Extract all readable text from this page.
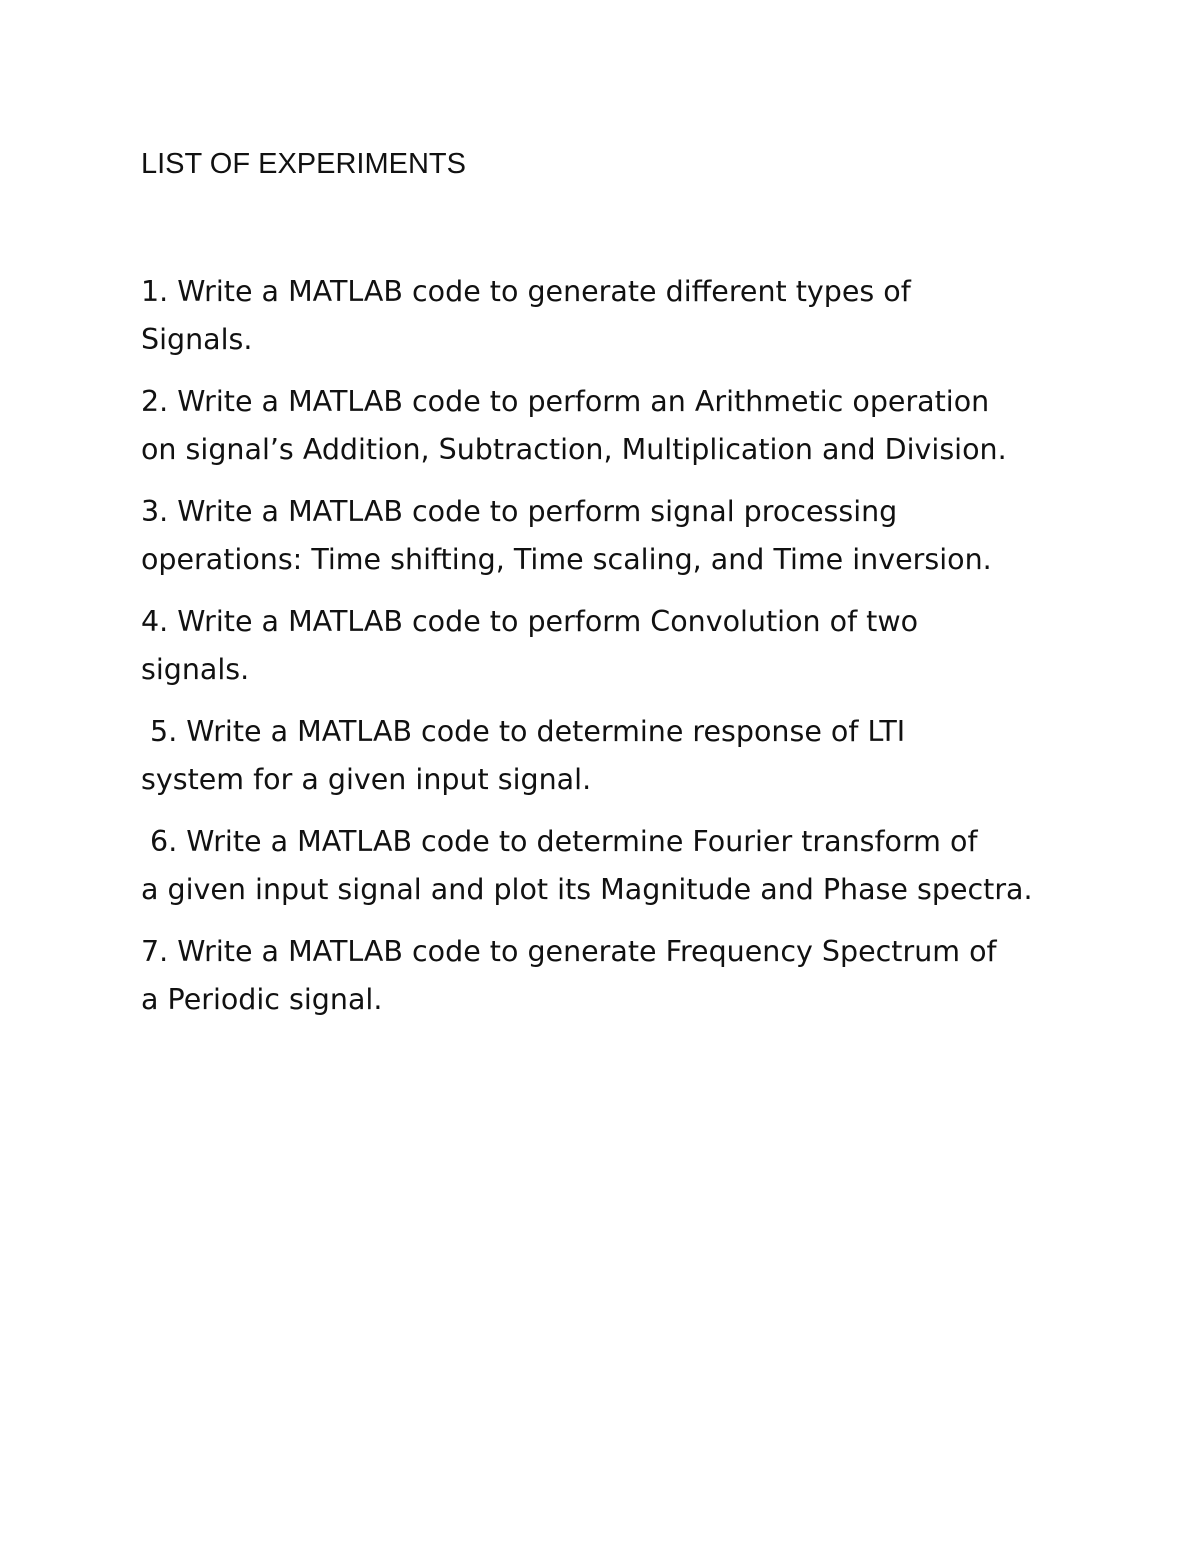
LIST OF EXPERIMENTS
1. Write a MATLAB code to generate different types of
Signals.
2. Write a MATLAB code to perform an Arithmetic operation
on signal’s Addition, Subtraction, Multiplication and Division.
3. Write a MATLAB code to perform signal processing
operations: Time shifting, Time scaling, and Time inversion.
4. Write a MATLAB code to perform Convolution of two
signals.
5. Write a MATLAB code to determine response of LTI
system for a given input signal.
6. Write a MATLAB code to determine Fourier transform of
a given input signal and plot its Magnitude and Phase spectra.
7. Write a MATLAB code to generate Frequency Spectrum of
a Periodic signal.
